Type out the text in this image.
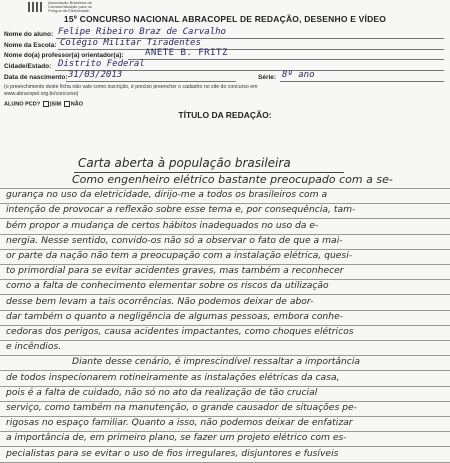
Associação Brasileira de
Conscientização para os
Perigos da Eletricidade
15º CONCURSO NACIONAL ABRACOPEL DE REDAÇÃO, DESENHO E VÍDEO
Nome do aluno: Felipe Ribeiro Braz de Carvalho
Nome da Escola: Colégio Militar Tiradentes
Nome do(a) professor(a) orientador(a): ANETE B. FRITZ
Cidade/Estado: Distrito Federal
Data de nascimento: 31/03/2013	Série: 8º ano
(o preenchimento deste ficha não vale como inscrição, é preciso preencher o cadastro no site do concurso em
www.abracopel.org.br/concurso)
ALUNO PCD? )SIM NÃO
TÍTULO DA REDAÇÃO:
Carta aberta à população brasileira
Como engenheiro elétrico bastante preocupado com a se-
gurança no uso da eletricidade, dirijo-me a todos os brasileiros com a
intenção de provocar a reflexão sobre esse tema e, por consequência, tam-
bém propor a mudança de certos hábitos inadequados no uso da e-
nergia. Nesse sentido, convido-os não só a observar o fato de que a mai-
or parte da nação não tem a preocupação com a instalação elétrica, quesi-
to primordial para se evitar acidentes graves, mas também a reconhecer
como a falta de conhecimento elementar sobre os riscos da utilização
desse bem levam a tais ocorrências. Não podemos deixar de abor-
dar também o quanto a negligência de algumas pessoas, embora conhe-
cedoras dos perigos, causa acidentes impactantes, como choques elétricos
e incêndios.
Diante desse cenário, é imprescindível ressaltar a importância
de todos inspecionarem rotineiramente as instalações elétricas da casa,
pois é a falta de cuidado, não só no ato da realização de tão crucial
serviço, como também na manutenção, o grande causador de situações pe-
rigosas no espaço familiar. Quanto a isso, não podemos deixar de enfatizar
a importância de, em primeiro plano, se fazer um projeto elétrico com es-
pecialistas para se evitar o uso de fios irregulares, disjuntores e fusíveis
